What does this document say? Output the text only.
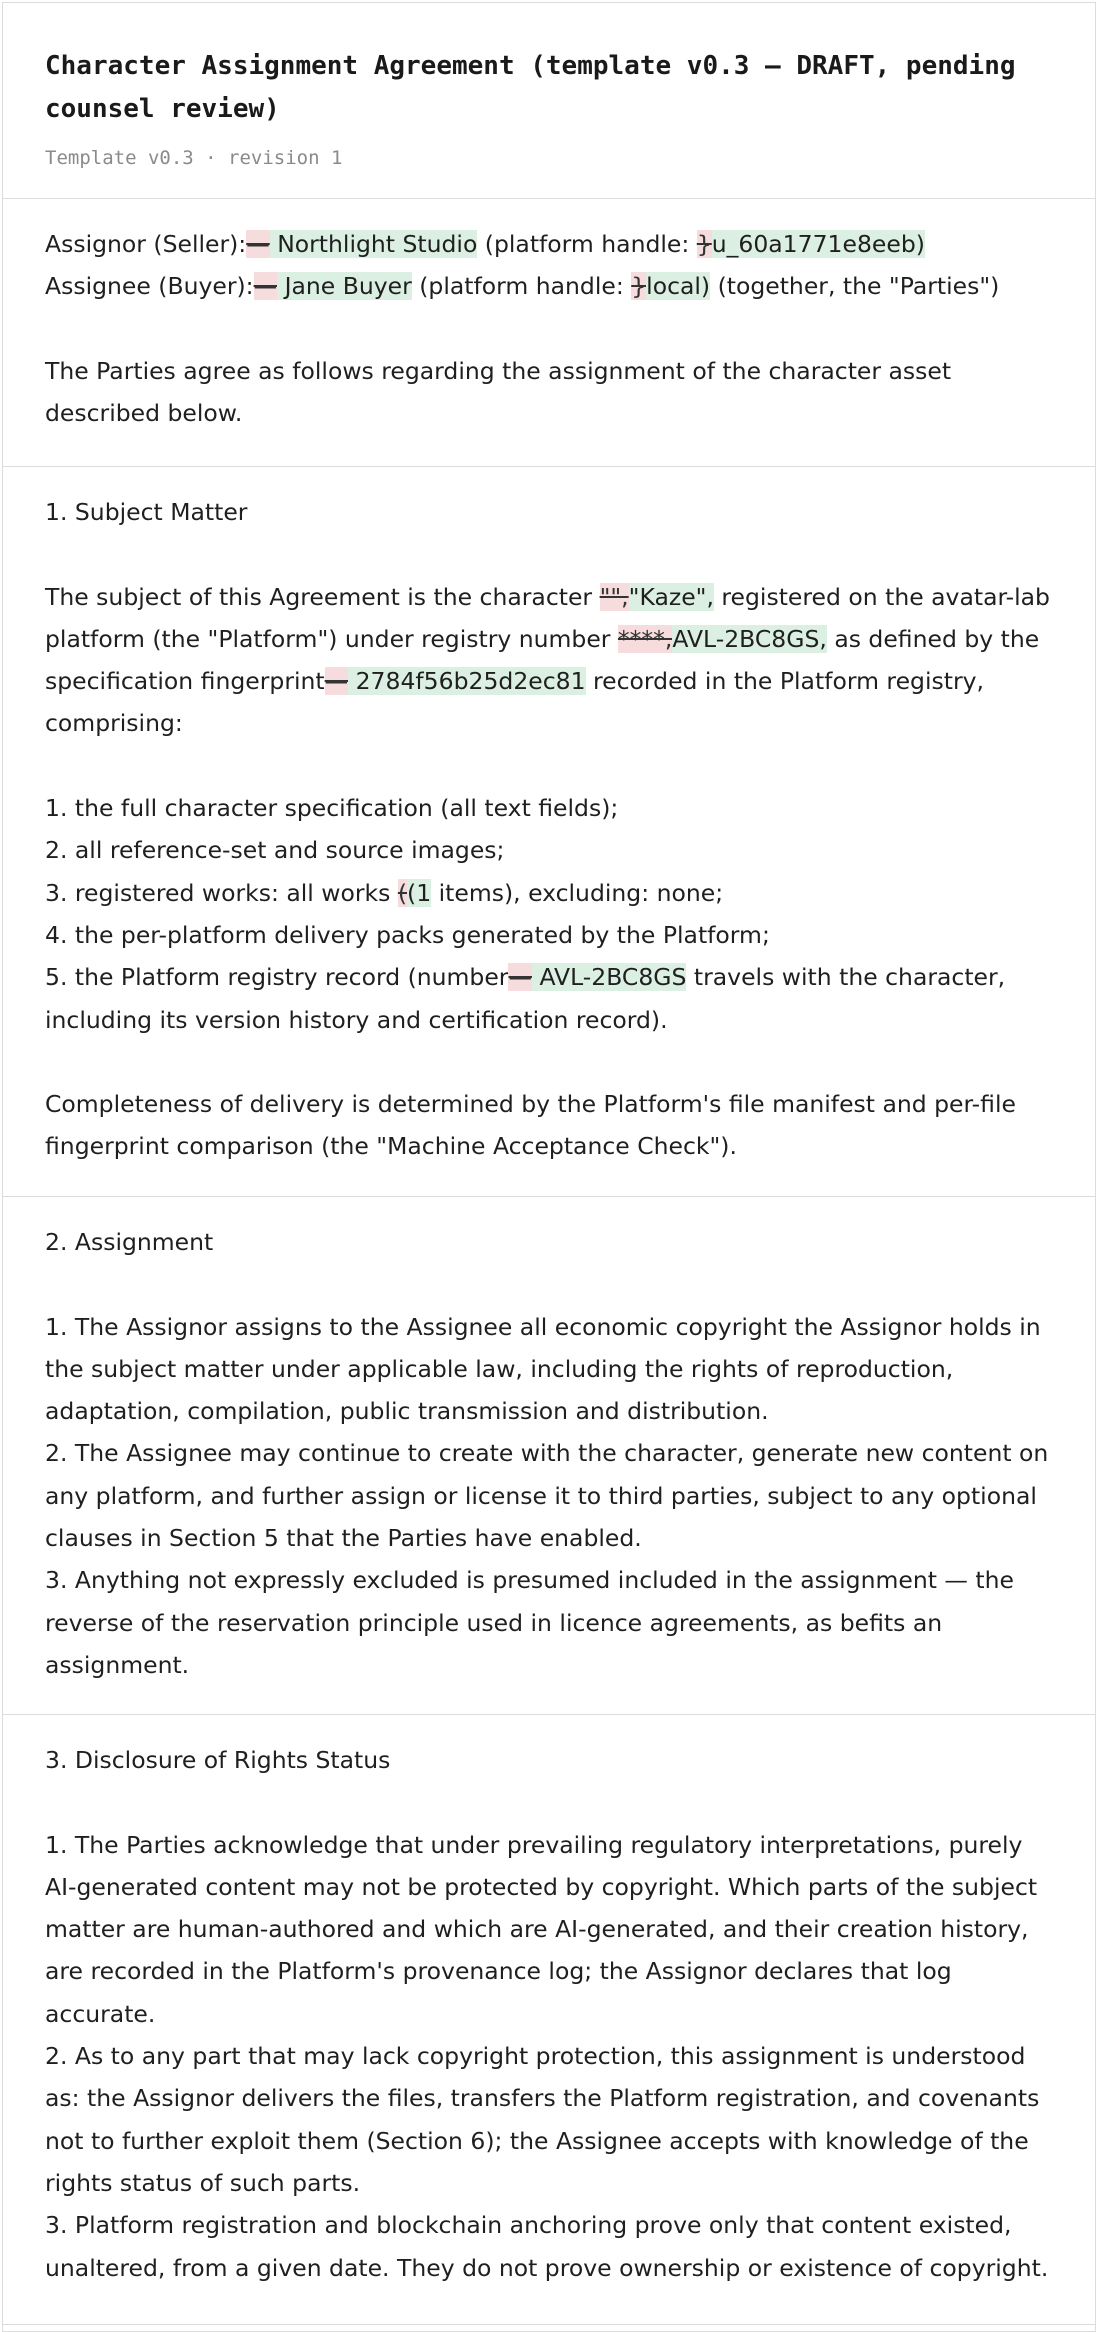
Character Assignment Agreement (template v0.3 — DRAFT, pending counsel review)
Template v0.3 · revision 1

Assignor (Seller):— Northlight Studio (platform handle: }u_60a1771e8eeb)

Assignee (Buyer):— Jane Buyer (platform handle: }local) (together, the "Parties")

The Parties agree as follows regarding the assignment of the character asset described below.

1. Subject Matter

The subject of this Agreement is the character "","Kaze", registered on the avatar-lab platform (the "Platform") under registry number ****,AVL-2BC8GS, as defined by the specification fingerprint— 2784f56b25d2ec81 recorded in the Platform registry, comprising:

1. the full character specification (all text fields);

2. all reference-set and source images;

3. registered works: all works ((1 items), excluding: none;

4. the per-platform delivery packs generated by the Platform;

5. the Platform registry record (number— AVL-2BC8GS travels with the character, including its version history and certification record).

Completeness of delivery is determined by the Platform's file manifest and per-file fingerprint comparison (the "Machine Acceptance Check").

2. Assignment

1. The Assignor assigns to the Assignee all economic copyright the Assignor holds in the subject matter under applicable law, including the rights of reproduction, adaptation, compilation, public transmission and distribution.

2. The Assignee may continue to create with the character, generate new content on any platform, and further assign or license it to third parties, subject to any optional clauses in Section 5 that the Parties have enabled.

3. Anything not expressly excluded is presumed included in the assignment — the reverse of the reservation principle used in licence agreements, as befits an assignment.

3. Disclosure of Rights Status

1. The Parties acknowledge that under prevailing regulatory interpretations, purely AI-generated content may not be protected by copyright. Which parts of the subject matter are human-authored and which are AI-generated, and their creation history, are recorded in the Platform's provenance log; the Assignor declares that log accurate.

2. As to any part that may lack copyright protection, this assignment is understood as: the Assignor delivers the files, transfers the Platform registration, and covenants not to further exploit them (Section 6); the Assignee accepts with knowledge of the rights status of such parts.

3. Platform registration and blockchain anchoring prove only that content existed, unaltered, from a given date. They do not prove ownership or existence of copyright.
